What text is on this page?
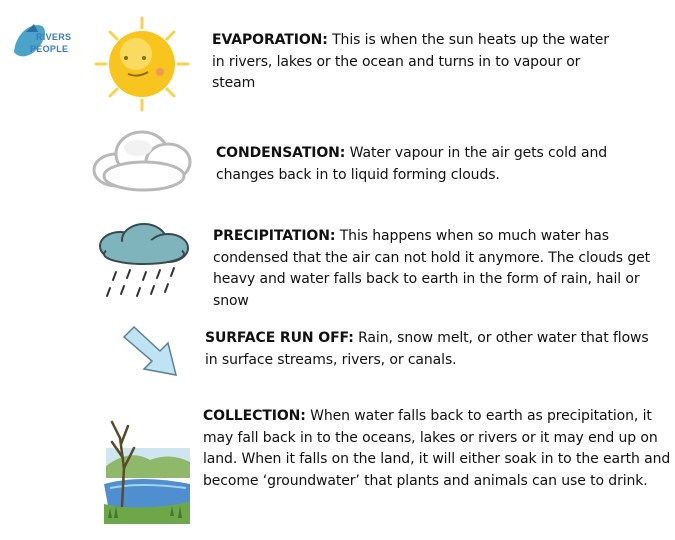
RIVERS
PEOPLE
EVAPORATION: This is when the sun heats up the water in rivers, lakes or the ocean and turns in to vapour or steam
CONDENSATION: Water vapour in the air gets cold and changes back in to liquid forming clouds.
PRECIPITATION: This happens when so much water has condensed that the air can not hold it anymore. The clouds get heavy and water falls back to earth in the form of rain, hail or snow
SURFACE RUN OFF: Rain, snow melt, or other water that flows in surface streams, rivers, or canals.
COLLECTION: When water falls back to earth as precipitation, it may fall back in to the oceans, lakes or rivers or it may end up on land. When it falls on the land, it will either soak in to the earth and become ‘groundwater’ that plants and animals can use to drink.
